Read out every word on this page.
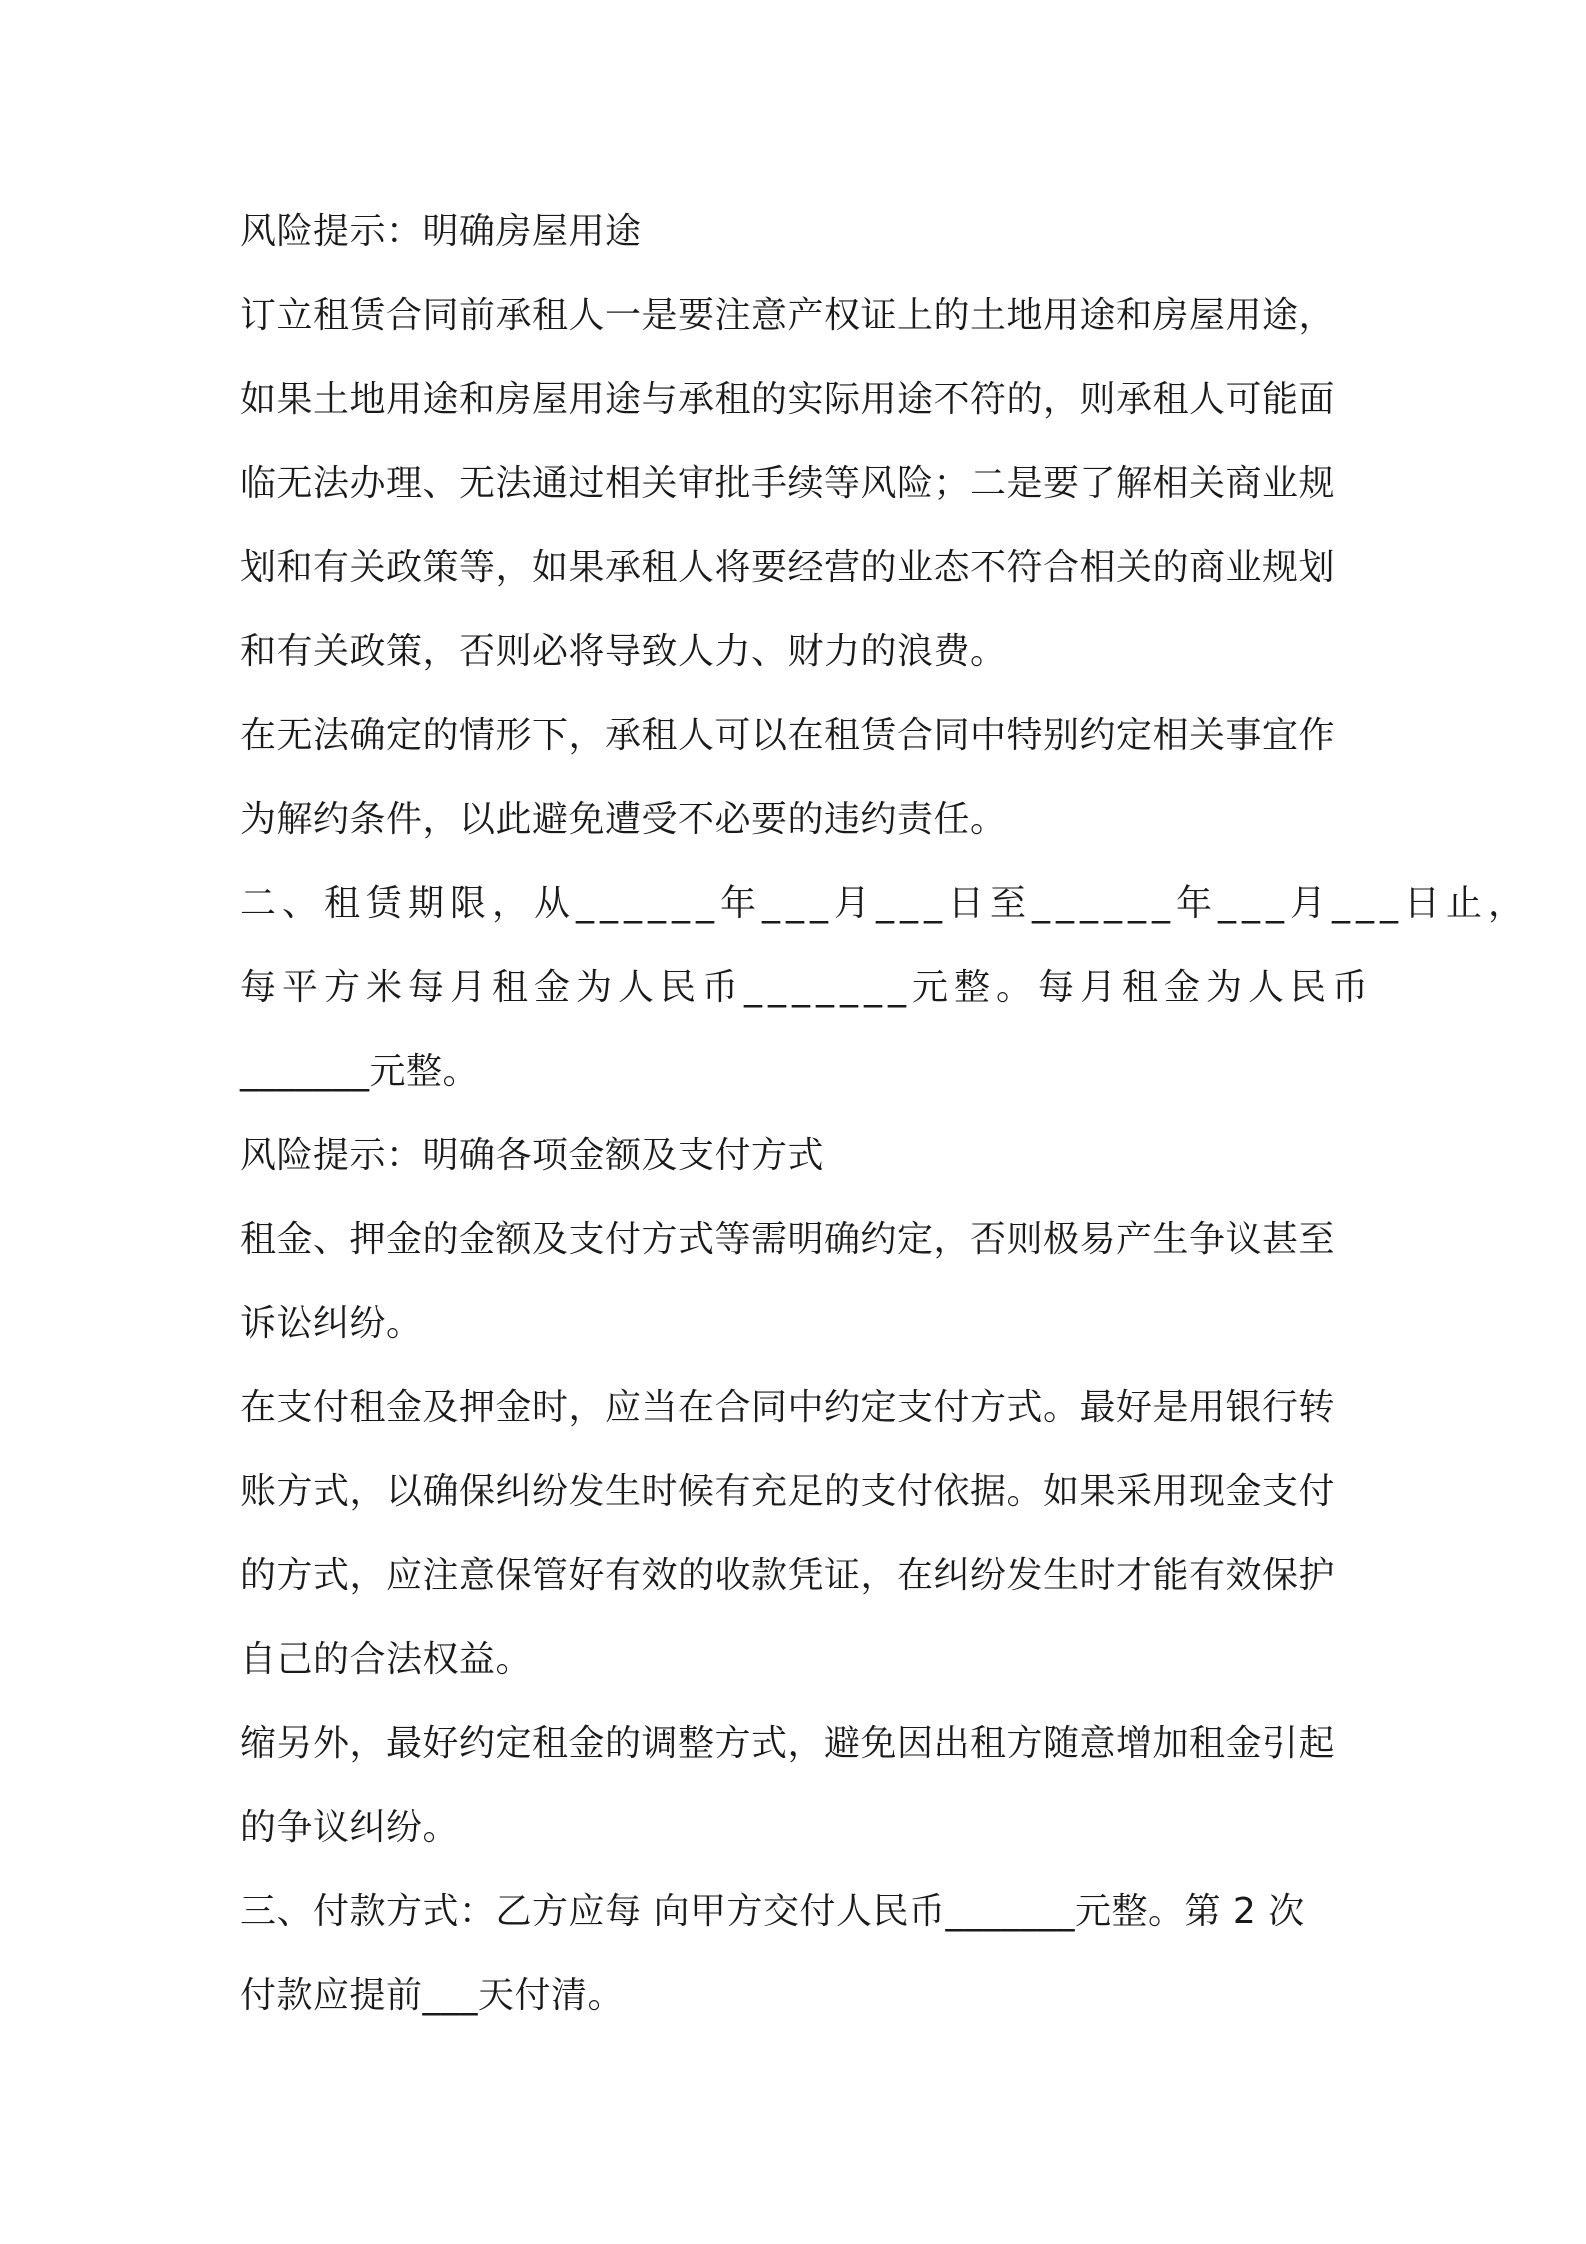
风险提示：明确房屋用途
订立租赁合同前承租人一是要注意产权证上的土地用途和房屋用途，
如果土地用途和房屋用途与承租的实际用途不符的，则承租人可能面
临无法办理、无法通过相关审批手续等风险；二是要了解相关商业规
划和有关政策等，如果承租人将要经营的业态不符合相关的商业规划
和有关政策，否则必将导致人力、财力的浪费。
在无法确定的情形下，承租人可以在租赁合同中特别约定相关事宜作
为解约条件，以此避免遭受不必要的违约责任。
二、租赁期限，从______年___月___日至______年___月___日止，
每平方米每月租金为人民币_______元整。每月租金为人民币
_______元整。
风险提示：明确各项金额及支付方式
租金、押金的金额及支付方式等需明确约定，否则极易产生争议甚至
诉讼纠纷。
在支付租金及押金时，应当在合同中约定支付方式。最好是用银行转
账方式，以确保纠纷发生时候有充足的支付依据。如果采用现金支付
的方式，应注意保管好有效的收款凭证，在纠纷发生时才能有效保护
自己的合法权益。
缩另外，最好约定租金的调整方式，避免因出租方随意增加租金引起
的争议纠纷。
三、付款方式：乙方应每 向甲方交付人民币_______元整。第 2 次
付款应提前___天付清。
